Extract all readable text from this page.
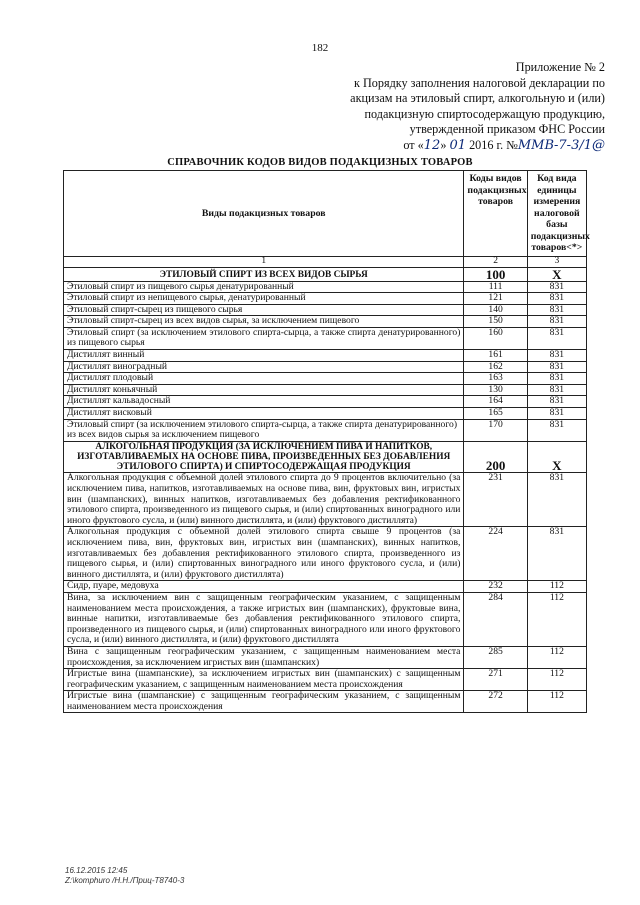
182
Приложение № 2
к Порядку заполнения налоговой декларации по
акцизам на этиловый спирт, алкогольную и (или)
подакцизную спиртосодержащую продукцию,
утвержденной приказом ФНС России
от «12» 01 2016 г. №ММВ-7-3/1@
СПРАВОЧНИК КОДОВ ВИДОВ ПОДАКЦИЗНЫХ ТОВАРОВ
Виды подакцизных товаров	Коды видов подакцизных товаров	Код вида единицы измерения налоговой базы подакцизных товаров<*>
1	2	3
ЭТИЛОВЫЙ СПИРТ ИЗ ВСЕХ ВИДОВ СЫРЬЯ	100	X
Этиловый спирт из пищевого сырья денатурированный	111	831
Этиловый спирт из непищевого сырья, денатурированный	121	831
Этиловый спирт-сырец из пищевого сырья	140	831
Этиловый спирт-сырец из всех видов сырья, за исключением пищевого	150	831
Этиловый спирт (за исключением этилового спирта-сырца, а также спирта денатурированного) из пищевого сырья	160	831
Дистиллят винный	161	831
Дистиллят виноградный	162	831
Дистиллят плодовый	163	831
Дистиллят коньячный	130	831
Дистиллят кальвадосный	164	831
Дистиллят висковый	165	831
Этиловый спирт (за исключением этилового спирта-сырца, а также спирта денатурированного) из всех видов сырья за исключением пищевого	170	831
АЛКОГОЛЬНАЯ ПРОДУКЦИЯ (ЗА ИСКЛЮЧЕНИЕМ ПИВА И НАПИТКОВ, ИЗГОТАВЛИВАЕМЫХ НА ОСНОВЕ ПИВА, ПРОИЗВЕДЕННЫХ БЕЗ ДОБАВЛЕНИЯ ЭТИЛОВОГО СПИРТА) И СПИРТОСОДЕРЖАЩАЯ ПРОДУКЦИЯ	200	X
Алкогольная продукция с объемной долей этилового спирта до 9 процентов включительно (за исключением пива, напитков, изготавливаемых на основе пива, вин, фруктовых вин, игристых вин (шампанских), винных напитков, изготавливаемых без добавления ректификованного этилового спирта, произведенного из пищевого сырья, и (или) спиртованных виноградного или иного фруктового сусла, и (или) винного дистиллята, и (или) фруктового дистиллята)	231	831
Алкогольная продукция с объемной долей этилового спирта свыше 9 процентов (за исключением пива, вин, фруктовых вин, игристых вин (шампанских), винных напитков, изготавливаемых без добавления ректификованного этилового спирта, произведенного из пищевого сырья, и (или) спиртованных виноградного или иного фруктового сусла, и (или) винного дистиллята, и (или) фруктового дистиллята)	224	831
Сидр, пуаре, медовуха	232	112
Вина, за исключением вин с защищенным географическим указанием, с защищенным наименованием места происхождения, а также игристых вин (шампанских), фруктовые вина, винные напитки, изготавливаемые без добавления ректификованного этилового спирта, произведенного из пищевого сырья, и (или) спиртованных виноградного или иного фруктового сусла, и (или) винного дистиллята, и (или) фруктового дистиллята	284	112
Вина с защищенным географическим указанием, с защищенным наименованием места происхождения, за исключением игристых вин (шампанских)	285	112
Игристые вина (шампанские), за исключением игристых вин (шампанских) с защищенным географическим указанием, с защищенным наименованием места происхождения	271	112
Игристые вина (шампанские) с защищенным географическим указанием, с защищенным наименованием места происхождения	272	112
16.12.2015 12:45
Z:\komphuro /Н.Н./Приц-Т8740-3
